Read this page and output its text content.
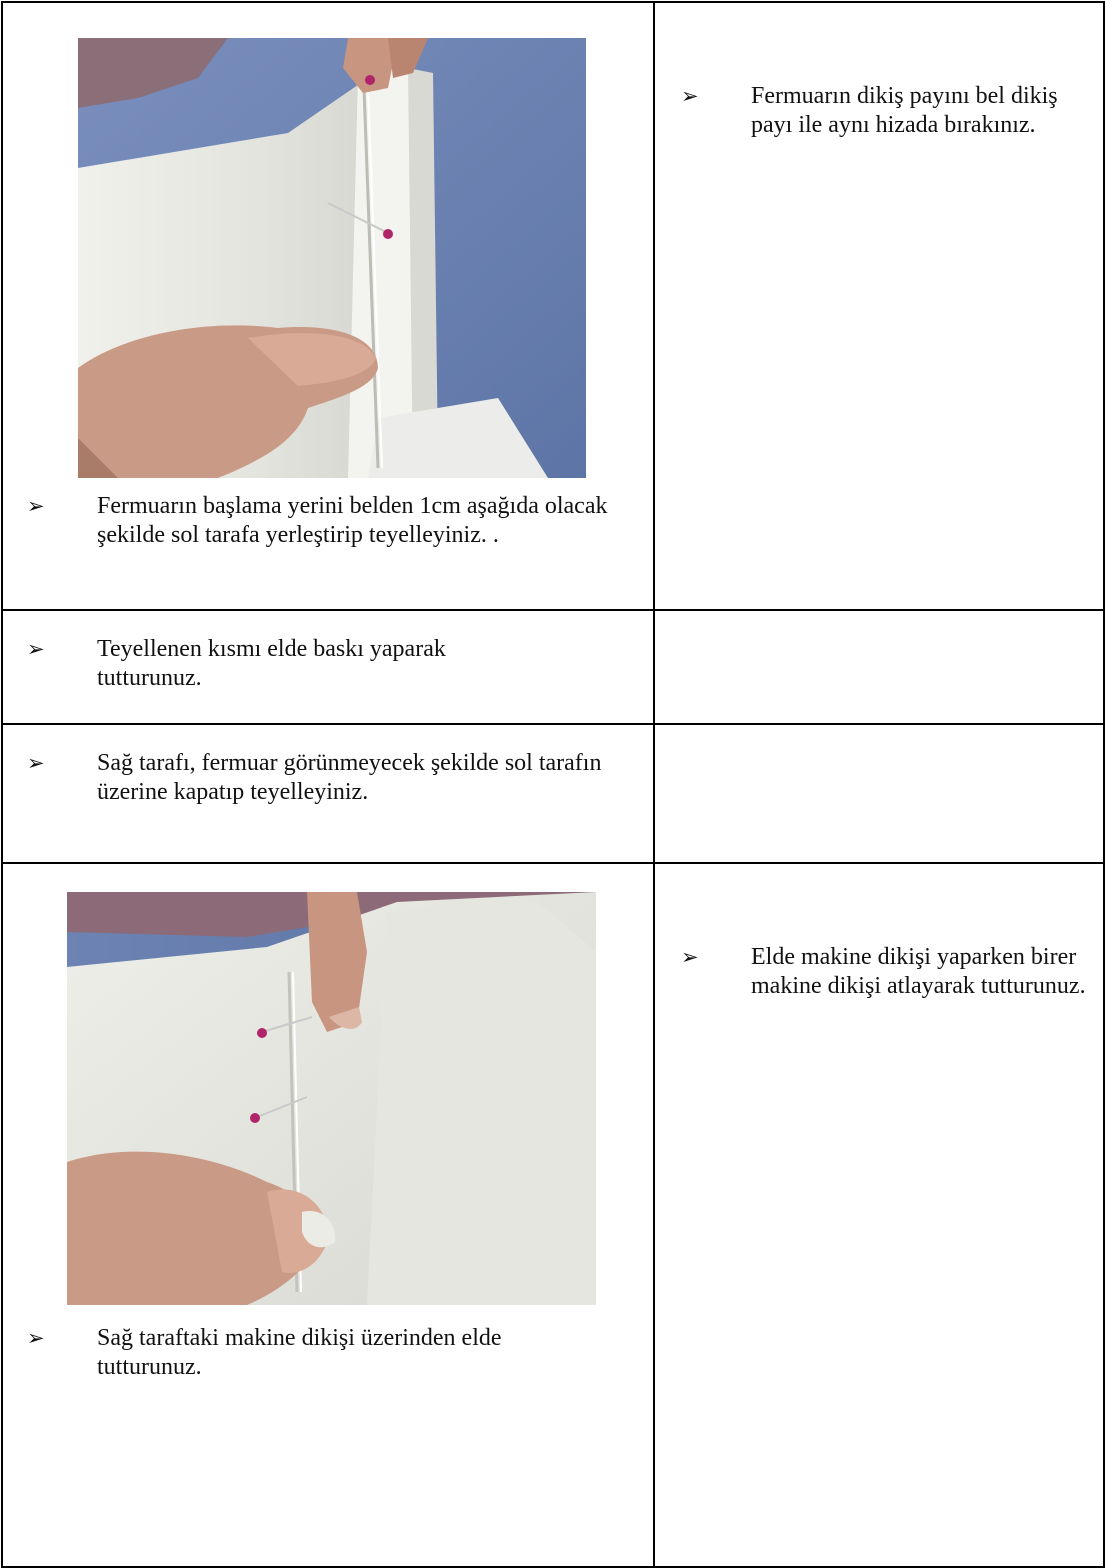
➢ Fermuarın başlama yerini belden 1cm aşağıda olacak şekilde sol tarafa yerleştirip teyelleyiniz. .	➢ Fermuarın dikiş payını bel dikiş payı ile aynı hizada bırakınız.

➢ Teyellenen kısmı elde baskı yaparak tutturunuz.	

➢ Sağ tarafı, fermuar görünmeyecek şekilde sol tarafın üzerine kapatıp teyelleyiniz.	

➢ Sağ taraftaki makine dikişi üzerinden elde tutturunuz.	➢ Elde makine dikişi yaparken birer makine dikişi atlayarak tutturunuz.
